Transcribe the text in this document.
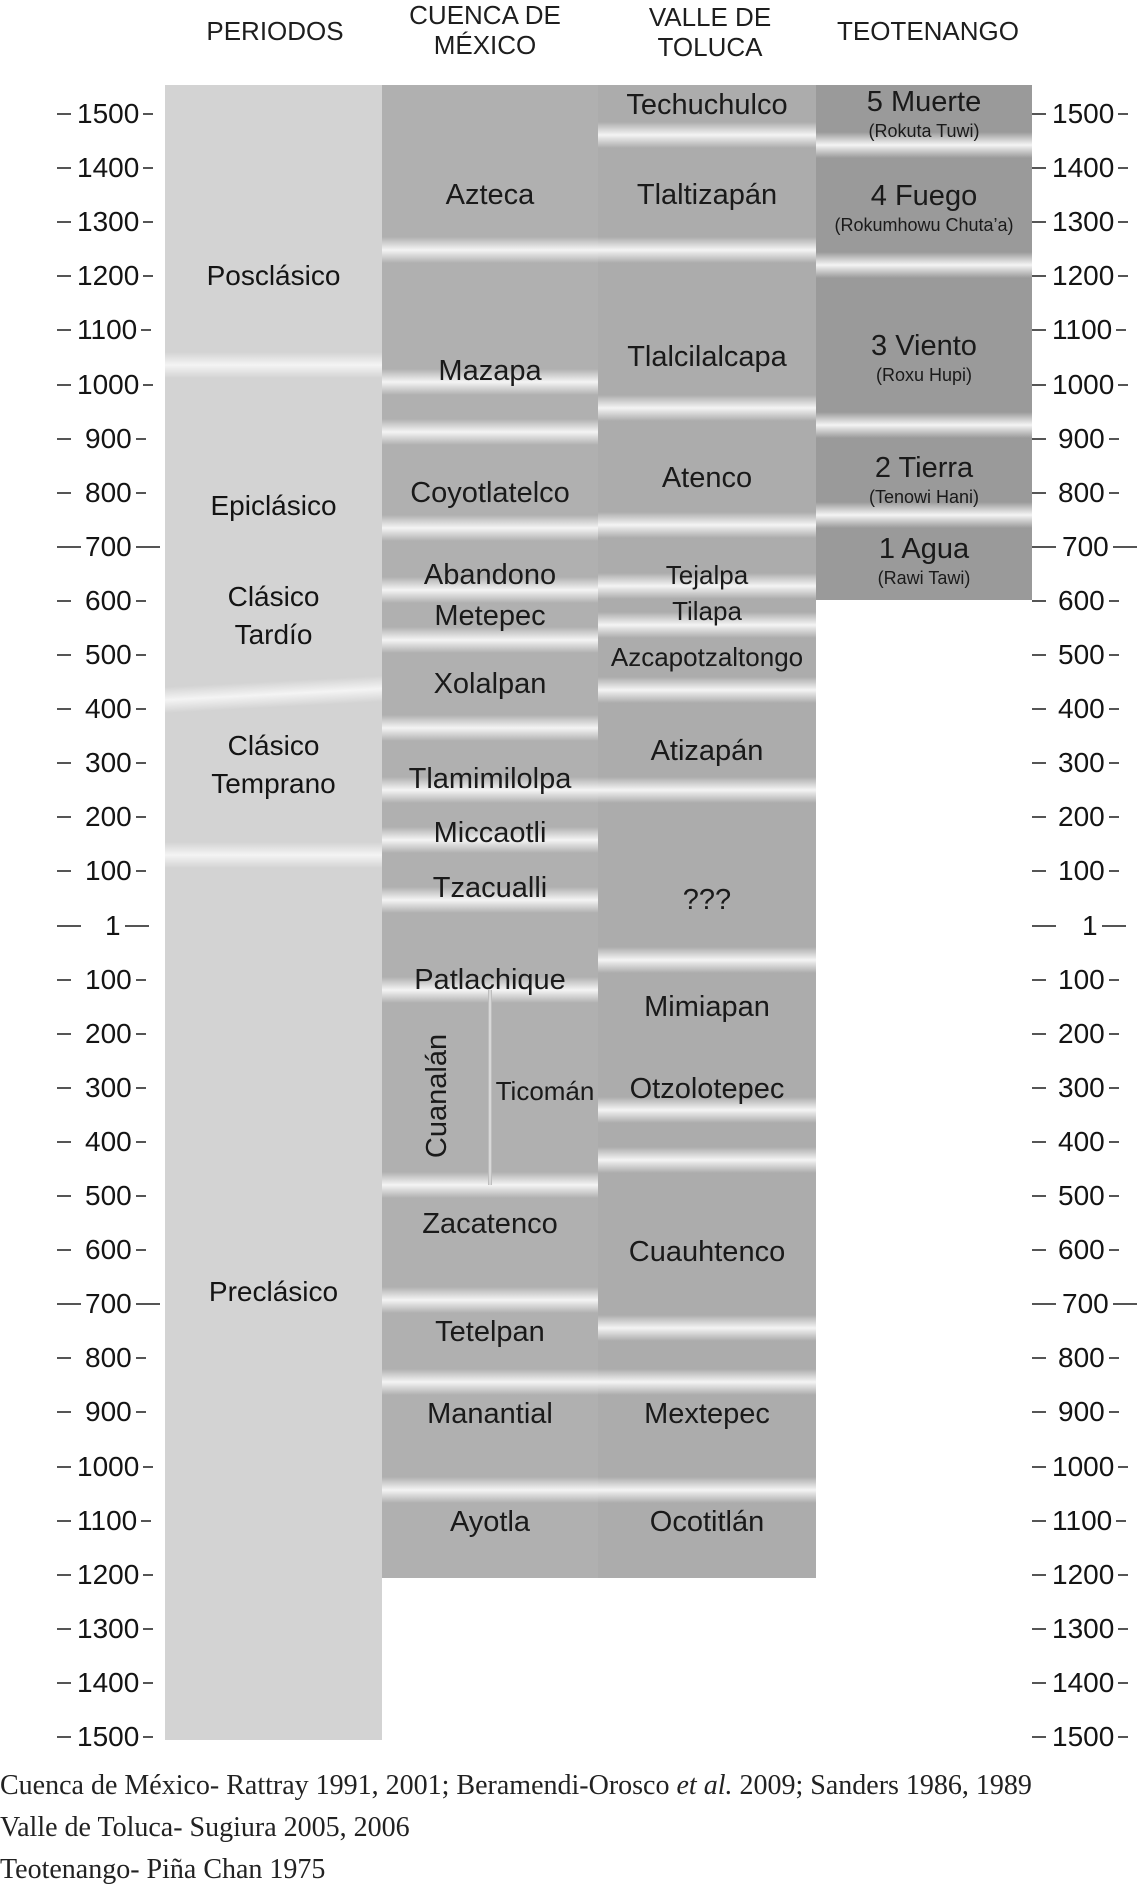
PERIODOS
CUENCA DE
MÉXICO
VALLE DE
TOLUCA
TEOTENANGO
Posclásico
Epiclásico
Clásico Tardío
Clásico Temprano
Preclásico
Azteca
Mazapa
Coyotlatelco
Abandono
Metepec
Xolalpan
Tlamimilolpa
Miccaotli
Tzacualli
Patlachique
Cuanalán Ticomán
Zacatenco
Tetelpan
Manantial
Ayotla
Techuchulco
Tlaltizapán
Tlalcilalcapa
Atenco
Tejalpa
Tilapa
Azcapotzaltongo
Atizapán
???
Mimiapan
Otzolotepec
Cuauhtenco
Mextepec
Ocotitlán
5 Muerte
(Rokuta Tuwi)
4 Fuego
(Rokumhowu Chuta’a)
3 Viento
(Roxu Hupi)
2 Tierra
(Tenowi Hani)
1 Agua
(Rawi Tawi)
1500
1400
1300
1200
1100
1000
900
800
700
600
500
400
300
200
100
1
100
200
300
400
500
600
700
800
900
1000
1100
1200
1300
1400
1500
1500
1400
1300
1200
1100
1000
900
800
700
600
500
400
300
200
100
1
100
200
300
400
500
600
700
800
900
1000
1100
1200
1300
1400
1500
Cuenca de México- Rattray 1991, 2001; Beramendi-Orosco et al. 2009; Sanders 1986, 1989
Valle de Toluca- Sugiura 2005, 2006
Teotenango- Piña Chan 1975
